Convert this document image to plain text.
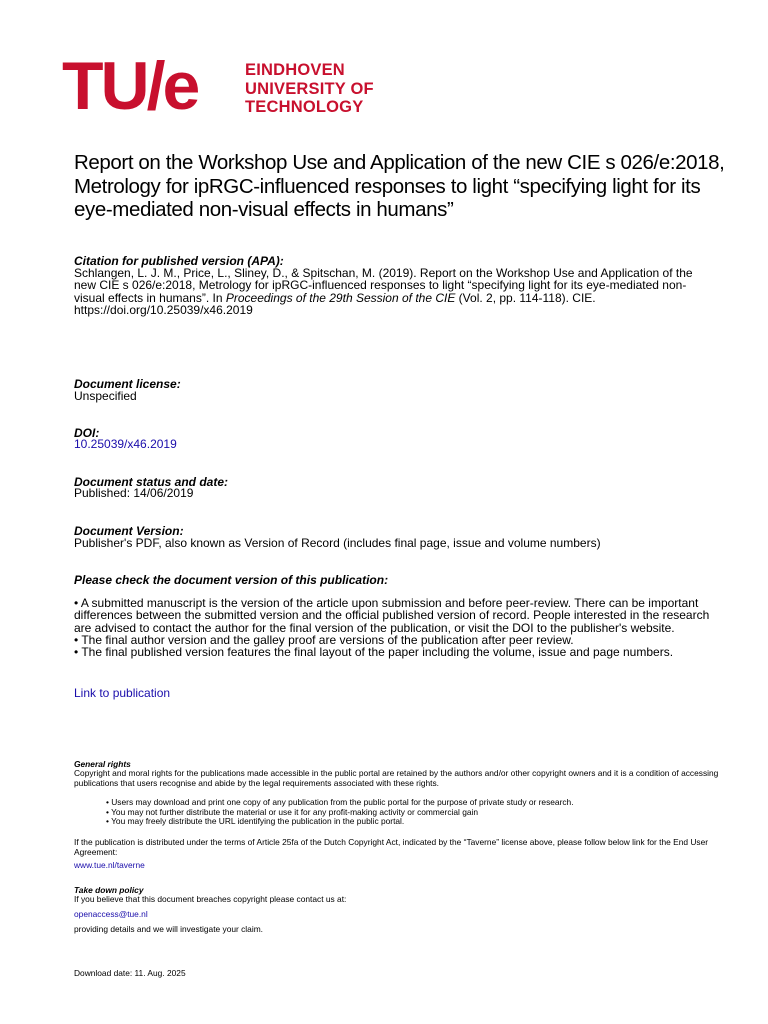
TU/e	EINDHOVEN
UNIVERSITY OF
TECHNOLOGY
Report on the Workshop Use and Application of the new CIE s 026/e:2018, Metrology for ipRGC-influenced responses to light “specifying light for its eye-mediated non-visual effects in humans”
Citation for published version (APA):
Schlangen, L. J. M., Price, L., Sliney, D., & Spitschan, M. (2019). Report on the Workshop Use and Application of the new CIE s 026/e:2018, Metrology for ipRGC-influenced responses to light “specifying light for its eye-mediated non-visual effects in humans”. In Proceedings of the 29th Session of the CIE (Vol. 2, pp. 114-118). CIE. https://doi.org/10.25039/x46.2019
Document license:
Unspecified
DOI:
10.25039/x46.2019
Document status and date:
Published: 14/06/2019
Document Version:
Publisher's PDF, also known as Version of Record (includes final page, issue and volume numbers)
Please check the document version of this publication:

• A submitted manuscript is the version of the article upon submission and before peer-review. There can be important differences between the submitted version and the official published version of record. People interested in the research are advised to contact the author for the final version of the publication, or visit the DOI to the publisher's website.

• The final author version and the galley proof are versions of the publication after peer review.

• The final published version features the final layout of the paper including the volume, issue and page numbers.

Link to publication
General rights
Copyright and moral rights for the publications made accessible in the public portal are retained by the authors and/or other copyright owners and it is a condition of accessing publications that users recognise and abide by the legal requirements associated with these rights.
• Users may download and print one copy of any publication from the public portal for the purpose of private study or research.
• You may not further distribute the material or use it for any profit-making activity or commercial gain
• You may freely distribute the URL identifying the publication in the public portal.
If the publication is distributed under the terms of Article 25fa of the Dutch Copyright Act, indicated by the “Taverne” license above, please follow below link for the End User Agreement:
www.tue.nl/taverne
Take down policy
If you believe that this document breaches copyright please contact us at:
openaccess@tue.nl
providing details and we will investigate your claim.
Download date: 11. Aug. 2025
